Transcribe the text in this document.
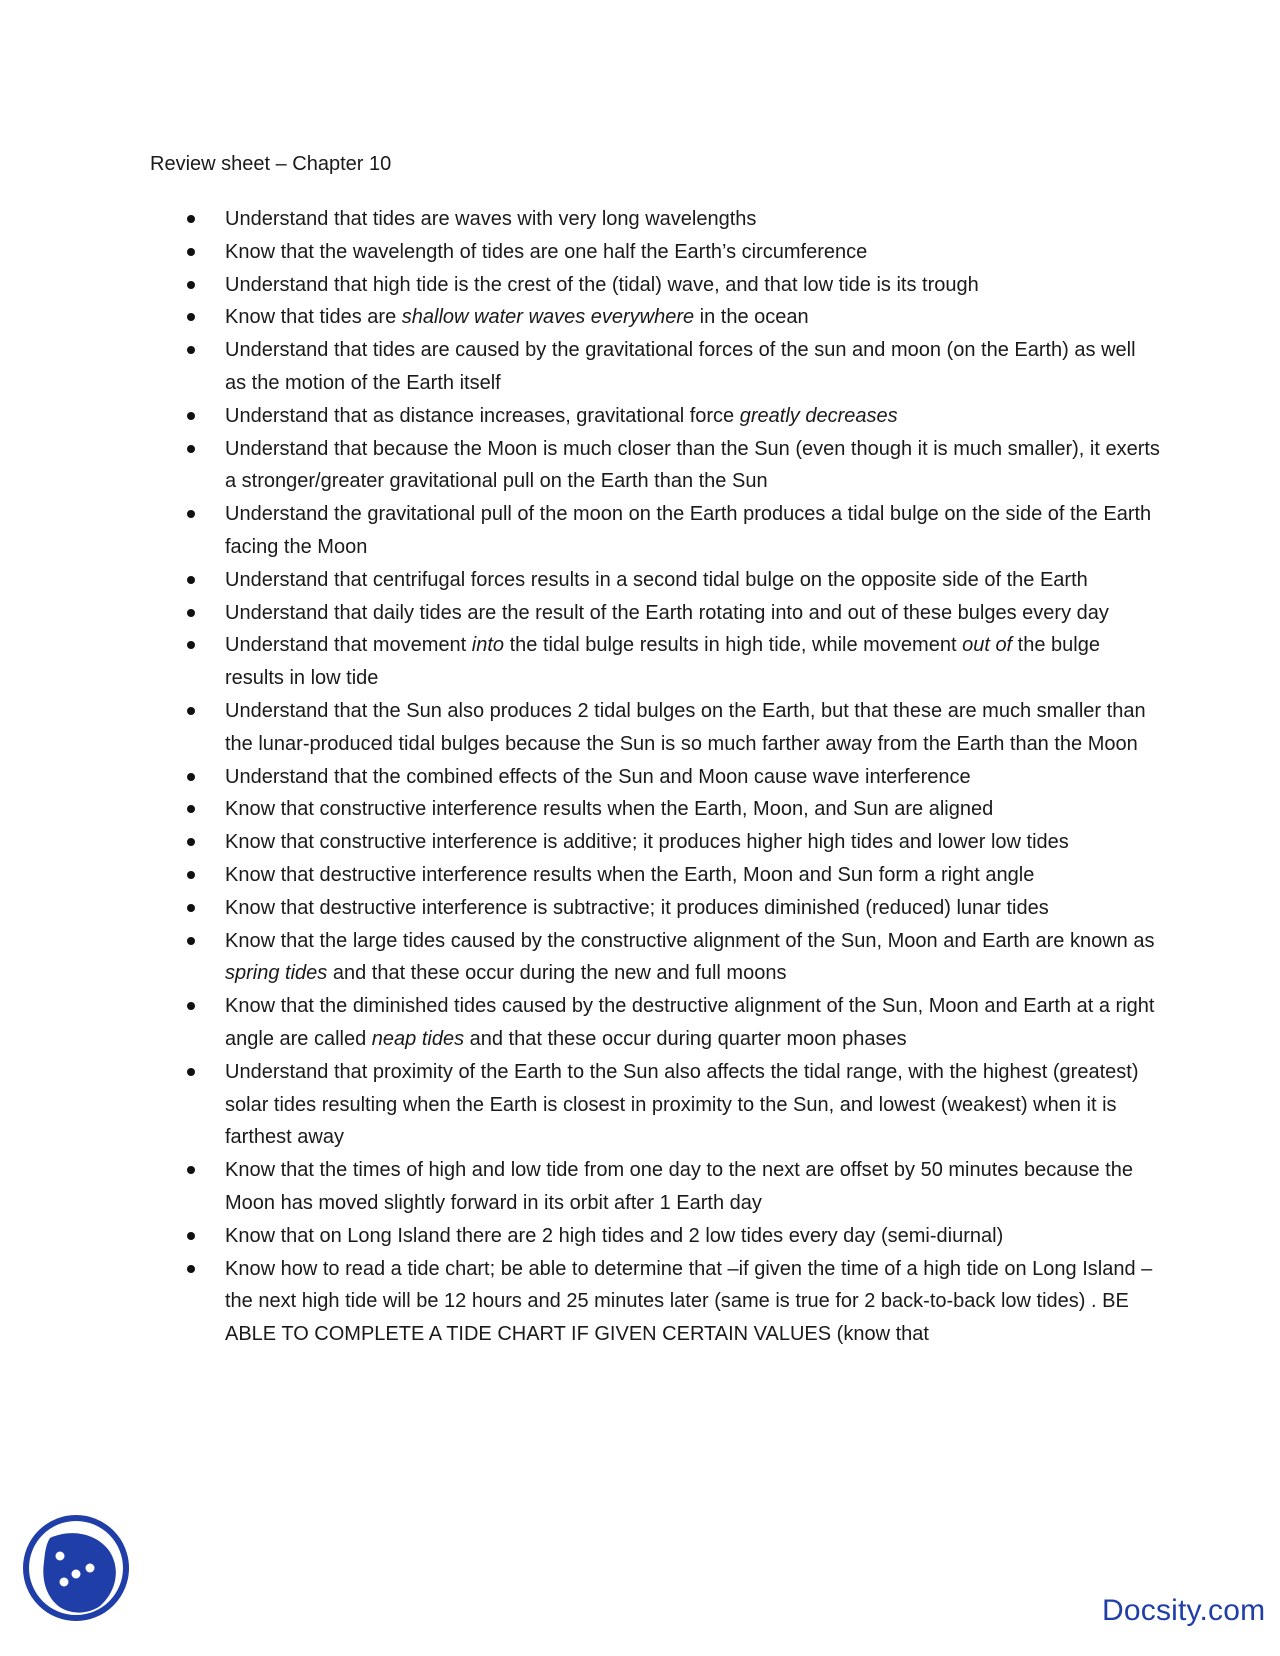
Review sheet – Chapter 10
Understand that tides are waves with very long wavelengths
Know that the wavelength of tides are one half the Earth’s circumference
Understand that high tide is the crest of the (tidal) wave, and that low tide is its trough
Know that tides are shallow water waves everywhere in the ocean
Understand that tides are caused by the gravitational forces of the sun and moon (on the Earth) as well as the motion of the Earth itself
Understand that as distance increases, gravitational force greatly decreases
Understand that because the Moon is much closer than the Sun (even though it is much smaller), it exerts a stronger/greater gravitational pull on the Earth than the Sun
Understand the gravitational pull of the moon on the Earth produces a tidal bulge on the side of the Earth facing the Moon
Understand that centrifugal forces results in a second tidal bulge on the opposite side of the Earth
Understand that daily tides are the result of the Earth rotating into and out of these bulges every day
Understand that movement into the tidal bulge results in high tide, while movement out of the bulge results in low tide
Understand that the Sun also produces 2 tidal bulges on the Earth, but that these are much smaller than the lunar-produced tidal bulges because the Sun is so much farther away from the Earth than the Moon
Understand that the combined effects of the Sun and Moon cause wave interference
Know that constructive interference results when the Earth, Moon, and Sun are aligned
Know that constructive interference is additive; it produces higher high tides and lower low tides
Know that destructive interference results when the Earth, Moon and Sun form a right angle
Know that destructive interference is subtractive; it produces diminished (reduced) lunar tides
Know that the large tides caused by the constructive alignment of the Sun, Moon and Earth are known as spring tides and that these occur during the new and full moons
Know that the diminished tides caused by the destructive alignment of the Sun, Moon and Earth at a right angle are called neap tides and that these occur during quarter moon phases
Understand that proximity of the Earth to the Sun also affects the tidal range, with the highest (greatest) solar tides resulting when the Earth is closest in proximity to the Sun, and lowest (weakest) when it is farthest away
Know that the times of high and low tide from one day to the next are offset by 50 minutes because the Moon has moved slightly forward in its orbit after 1 Earth day
Know that on Long Island there are 2 high tides and 2 low tides every day (semi-diurnal)
Know how to read a tide chart; be able to determine that –if given the time of a high tide on Long Island – the next high tide will be 12 hours and 25 minutes later (same is true for 2 back-to-back low tides) . BE ABLE TO COMPLETE A TIDE CHART IF GIVEN CERTAIN VALUES (know that
Docsity.com
